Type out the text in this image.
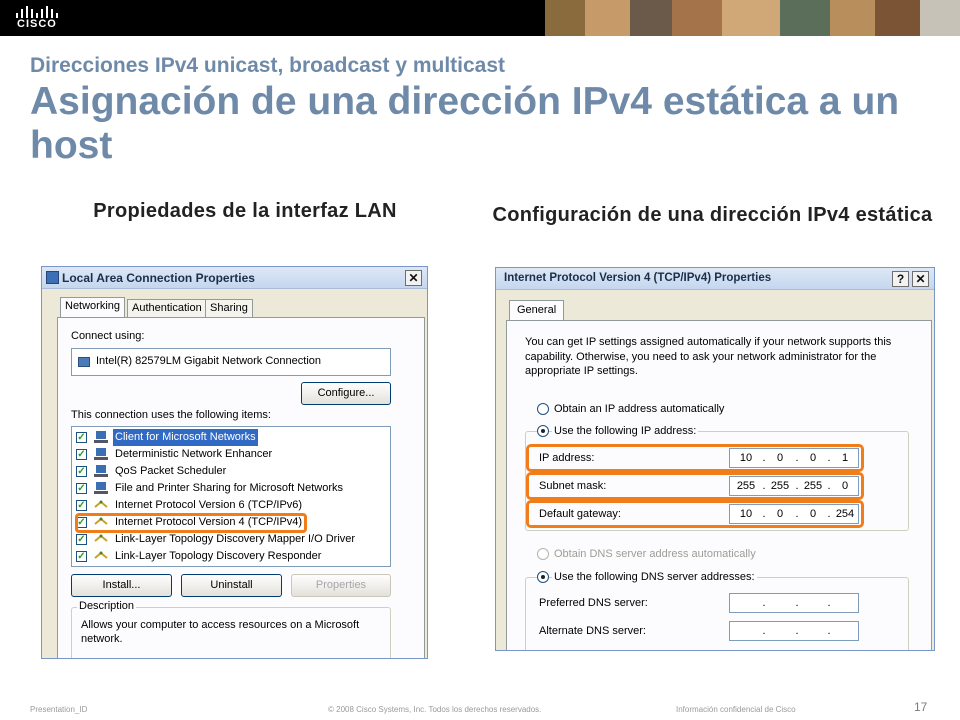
CISCO
Direcciones IPv4 unicast, broadcast y multicast
Asignación de una dirección IPv4 estática a un host
Propiedades de la interfaz LAN	Configuración de una dirección IPv4 estática
Local Area Connection Properties	✕
Networking	Authentication Sharing
Connect using:
Intel(R) 82579LM Gigabit Network Connection
Configure...
This connection uses the following items:
✓	Client for Microsoft Networks
✓	Deterministic Network Enhancer
✓	QoS Packet Scheduler
✓	File and Printer Sharing for Microsoft Networks
✓	Internet Protocol Version 6 (TCP/IPv6)
✓	Internet Protocol Version 4 (TCP/IPv4)
✓	Link-Layer Topology Discovery Mapper I/O Driver
✓	Link-Layer Topology Discovery Responder
Install...	Uninstall	Properties
Description
Allows your computer to access resources on a Microsoft network.
Internet Protocol Version 4 (TCP/IPv4) Properties	? ✕
General
You can get IP settings assigned automatically if your network supports this capability. Otherwise, you need to ask your network administrator for the appropriate IP settings.
Obtain an IP address automatically
Use the following IP address:
IP address:	10 .	0	.	0	.	1
Subnet mask:	255 . 255 . 255 .	0
Default gateway:	10 .	0	.	0	. 254
Obtain DNS server address automatically
Use the following DNS server addresses:
Preferred DNS server:	.	.	.
Alternate DNS server:	.	.	.
Presentation_ID	© 2008 Cisco Systems, Inc. Todos los derechos reservados.	Información confidencial de Cisco	17
